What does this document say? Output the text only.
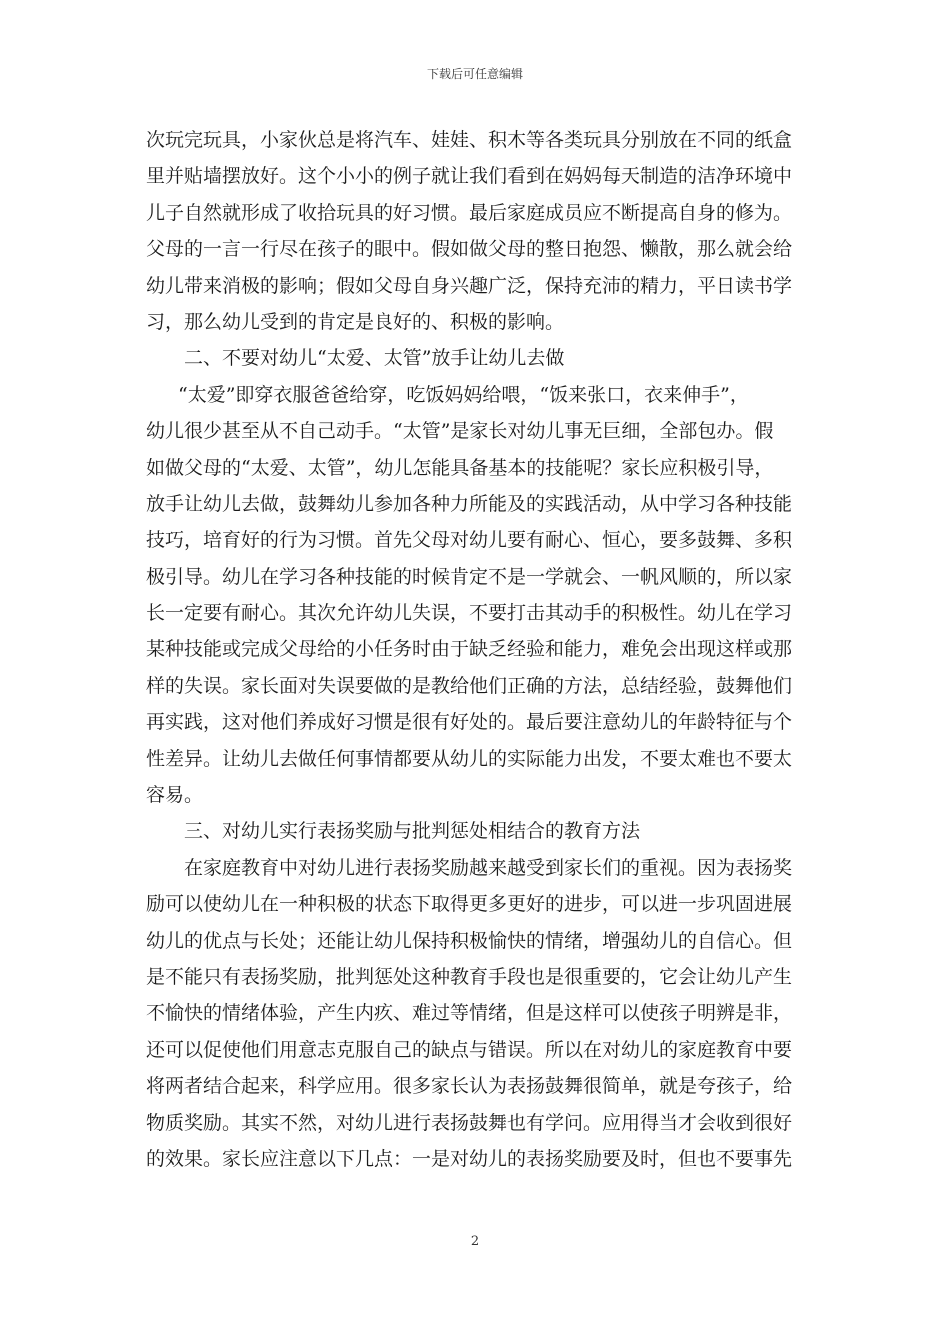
下载后可任意编辑
次玩完玩具，小家伙总是将汽车、娃娃、积木等各类玩具分别放在不同的纸盒
里并贴墙摆放好。这个小小的例子就让我们看到在妈妈每天制造的洁净环境中
儿子自然就形成了收拾玩具的好习惯。最后家庭成员应不断提高自身的修为。
父母的一言一行尽在孩子的眼中。假如做父母的整日抱怨、懒散，那么就会给
幼儿带来消极的影响；假如父母自身兴趣广泛，保持充沛的精力，平日读书学
习，那么幼儿受到的肯定是良好的、积极的影响。
二、不要对幼儿“太爱、太管”放手让幼儿去做
“太爱”即穿衣服爸爸给穿，吃饭妈妈给喂，“饭来张口，衣来伸手”，
幼儿很少甚至从不自己动手。“太管”是家长对幼儿事无巨细，全部包办。假
如做父母的“太爱、太管”，幼儿怎能具备基本的技能呢？家长应积极引导，
放手让幼儿去做，鼓舞幼儿参加各种力所能及的实践活动，从中学习各种技能
技巧，培育好的行为习惯。首先父母对幼儿要有耐心、恒心，要多鼓舞、多积
极引导。幼儿在学习各种技能的时候肯定不是一学就会、一帆风顺的，所以家
长一定要有耐心。其次允许幼儿失误，不要打击其动手的积极性。幼儿在学习
某种技能或完成父母给的小任务时由于缺乏经验和能力，难免会出现这样或那
样的失误。家长面对失误要做的是教给他们正确的方法，总结经验，鼓舞他们
再实践，这对他们养成好习惯是很有好处的。最后要注意幼儿的年龄特征与个
性差异。让幼儿去做任何事情都要从幼儿的实际能力出发，不要太难也不要太
容易。
三、对幼儿实行表扬奖励与批判惩处相结合的教育方法
在家庭教育中对幼儿进行表扬奖励越来越受到家长们的重视。因为表扬奖
励可以使幼儿在一种积极的状态下取得更多更好的进步，可以进一步巩固进展
幼儿的优点与长处；还能让幼儿保持积极愉快的情绪，增强幼儿的自信心。但
是不能只有表扬奖励，批判惩处这种教育手段也是很重要的，它会让幼儿产生
不愉快的情绪体验，产生内疚、难过等情绪，但是这样可以使孩子明辨是非，
还可以促使他们用意志克服自己的缺点与错误。所以在对幼儿的家庭教育中要
将两者结合起来，科学应用。很多家长认为表扬鼓舞很简单，就是夸孩子，给
物质奖励。其实不然，对幼儿进行表扬鼓舞也有学问。应用得当才会收到很好
的效果。家长应注意以下几点：一是对幼儿的表扬奖励要及时，但也不要事先
2
